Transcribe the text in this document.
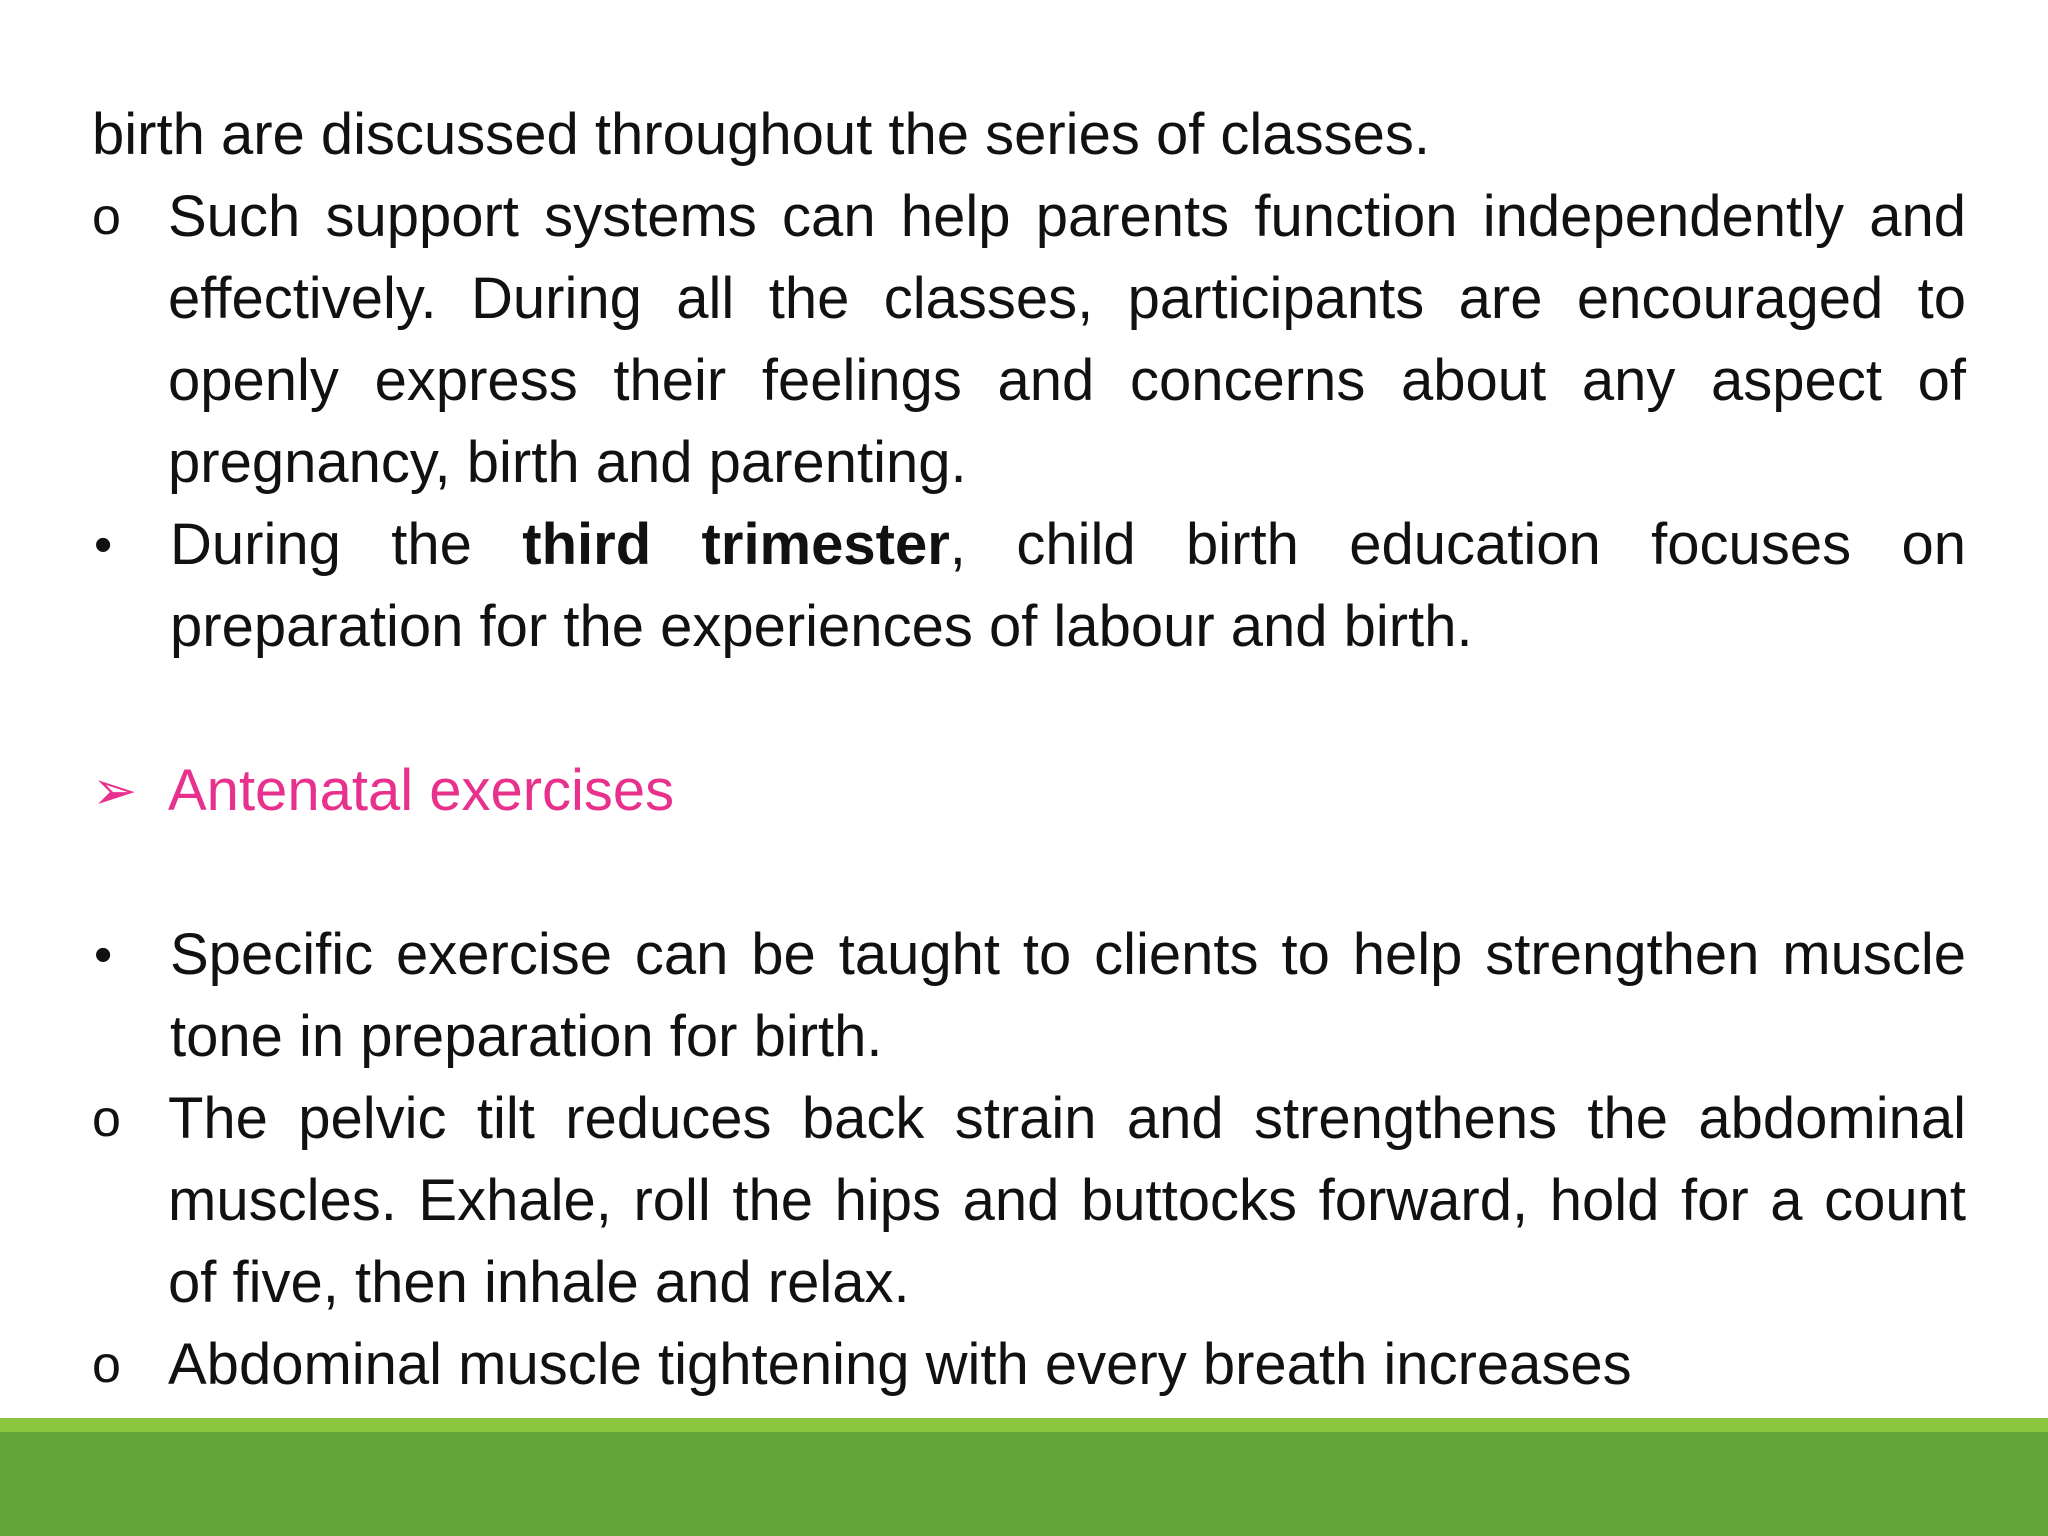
birth are discussed throughout the series of classes.

o Such support systems can help parents function independently and effectively. During all the classes, participants are encouraged to openly express their feelings and concerns about any aspect of pregnancy, birth and parenting.
• During the third trimester, child birth education focuses on preparation for the experiences of labour and birth.
➢ Antenatal exercises
• Specific exercise can be taught to clients to help strengthen muscle tone in preparation for birth.
o The pelvic tilt reduces back strain and strengthens the abdominal muscles. Exhale, roll the hips and buttocks forward, hold for a count of five, then inhale and relax.
o Abdominal muscle tightening with every breath increases
